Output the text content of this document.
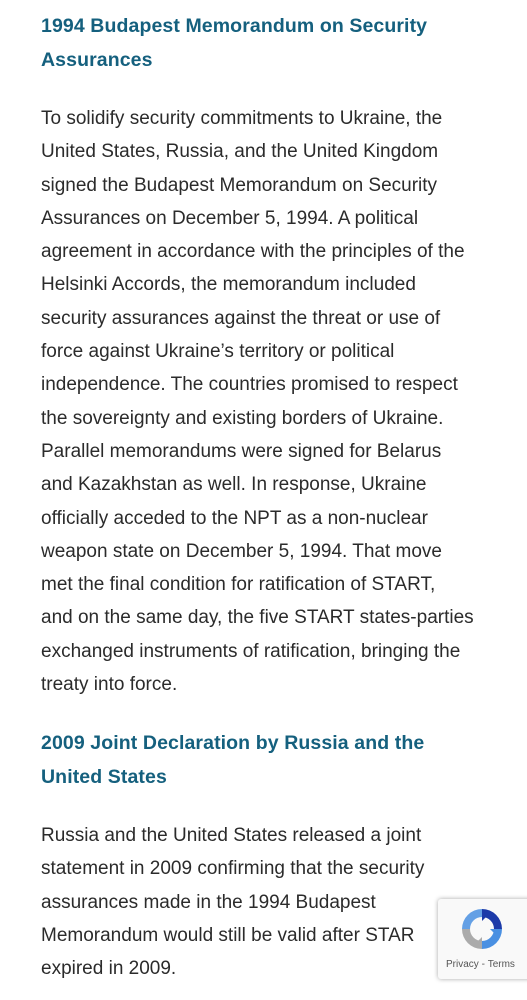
1994 Budapest Memorandum on Security
Assurances

To solidify security commitments to Ukraine, the
United States, Russia, and the United Kingdom
signed the Budapest Memorandum on Security
Assurances on December 5, 1994. A political
agreement in accordance with the principles of the
Helsinki Accords, the memorandum included
security assurances against the threat or use of
force against Ukraine’s territory or political
independence. The countries promised to respect
the sovereignty and existing borders of Ukraine.
Parallel memorandums were signed for Belarus
and Kazakhstan as well. In response, Ukraine
officially acceded to the NPT as a non-nuclear
weapon state on December 5, 1994. That move
met the final condition for ratification of START,
and on the same day, the five START states-parties
exchanged instruments of ratification, bringing the
treaty into force.

2009 Joint Declaration by Russia and the
United States

Russia and the United States released a joint
statement in 2009 confirming that the security
assurances made in the 1994 Budapest
Memorandum would still be valid after STAR
expired in 2009.	Privacy - Terms
